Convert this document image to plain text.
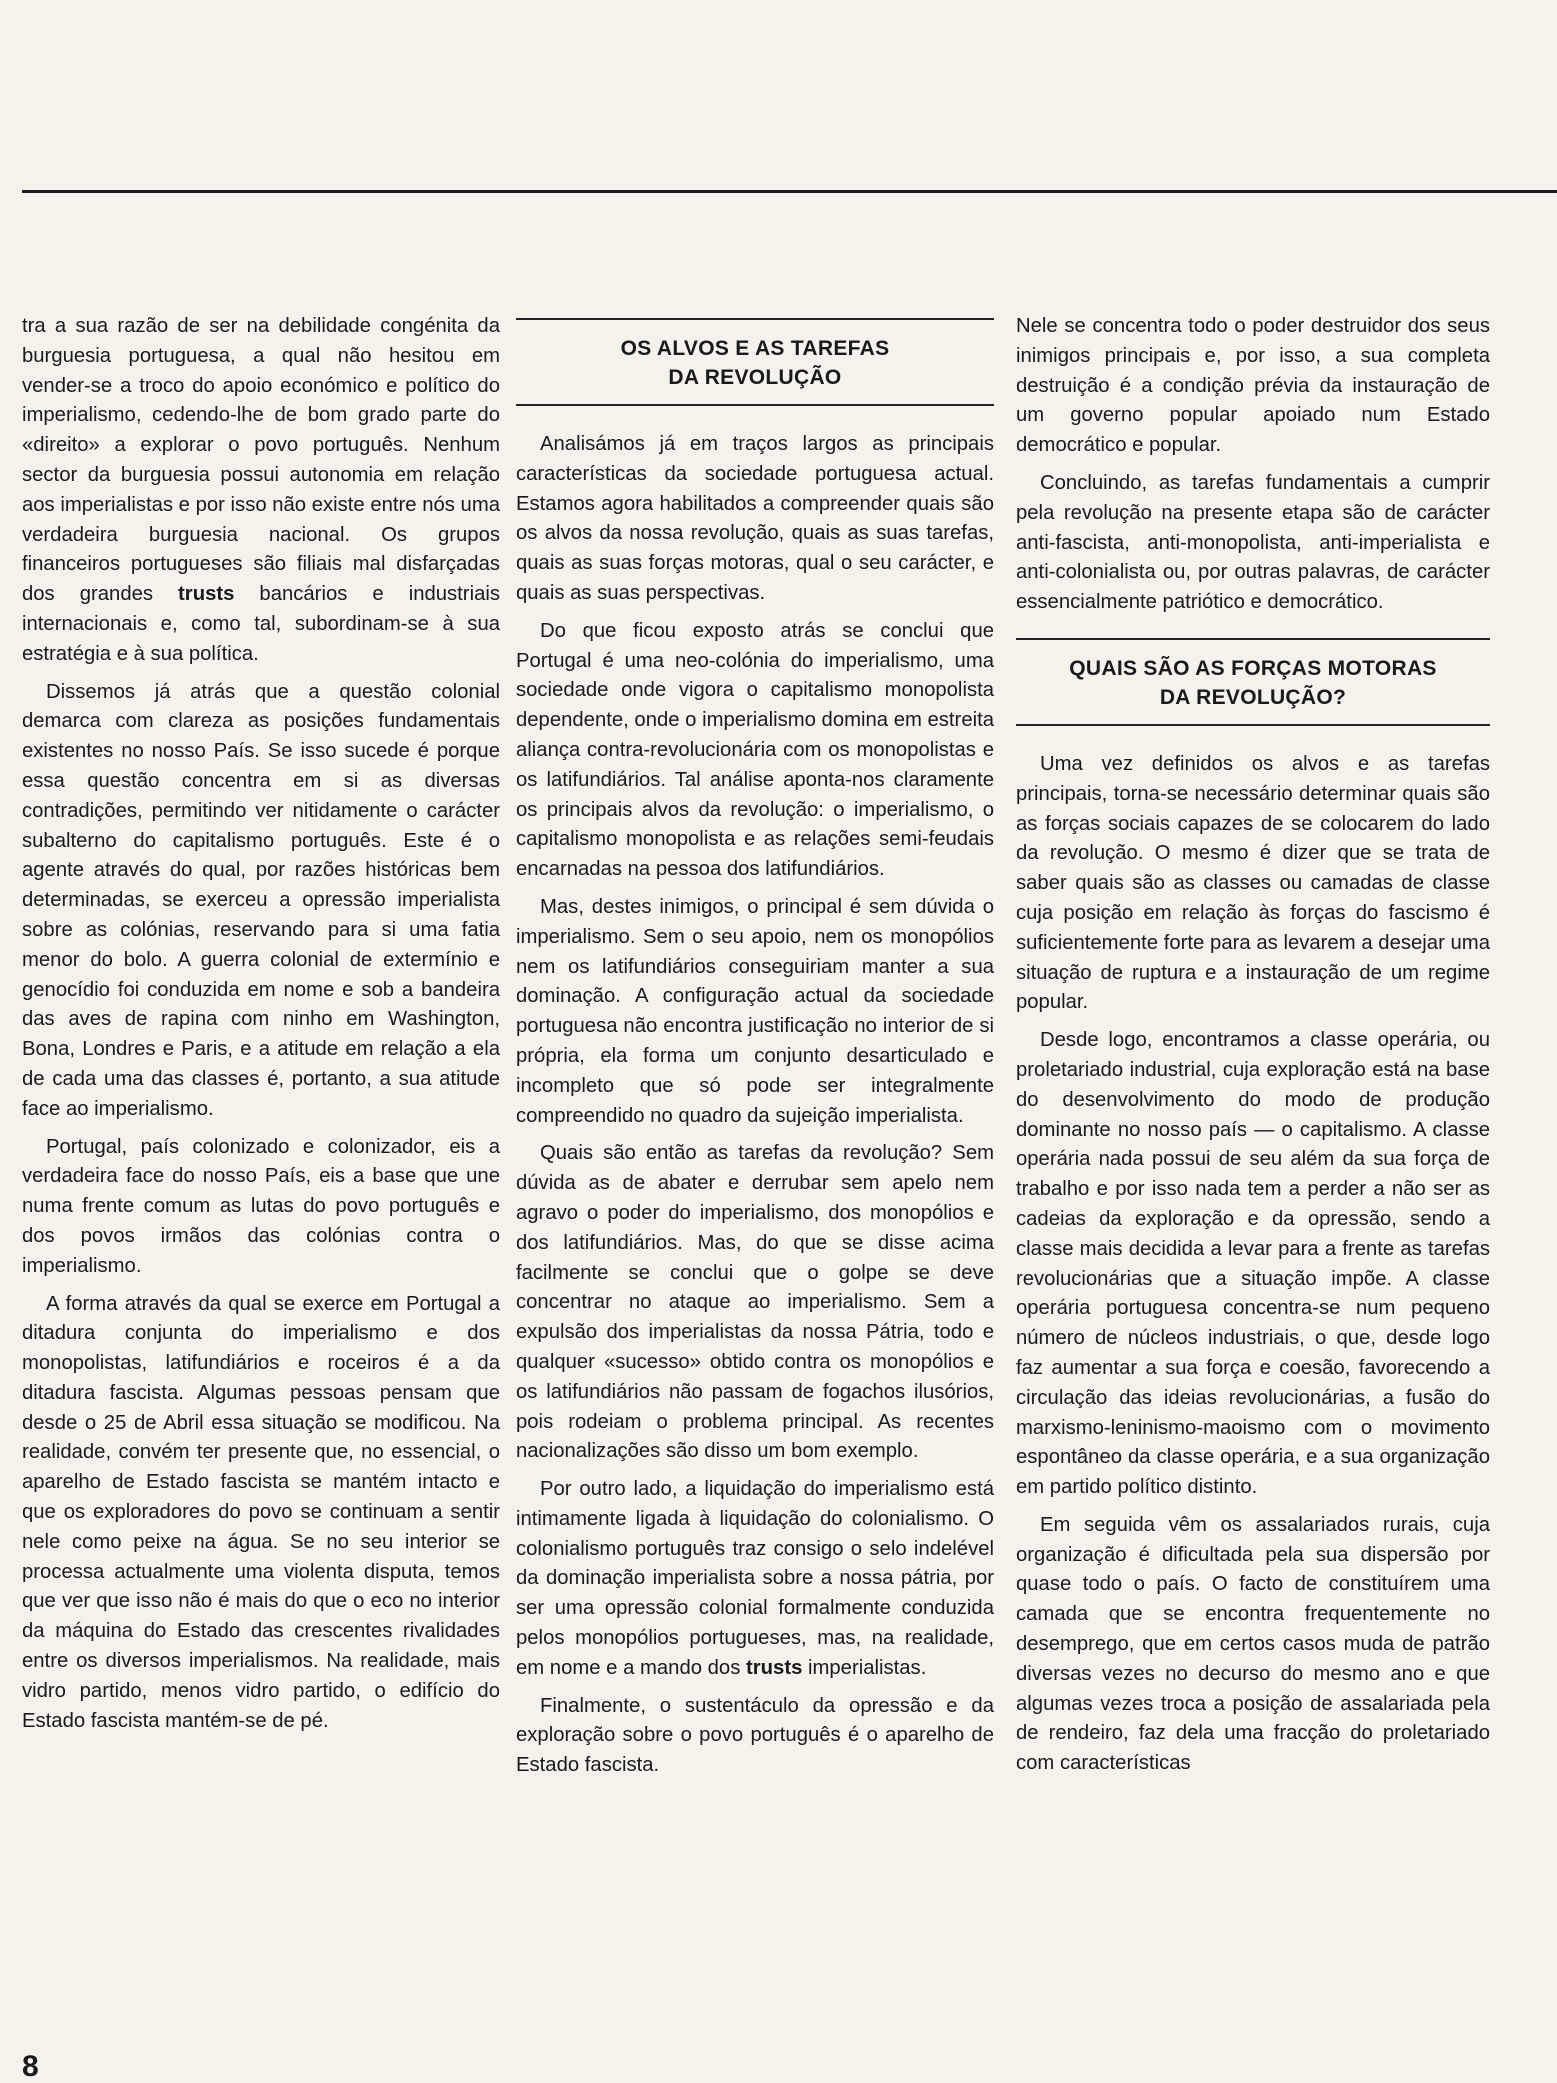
tra a sua razão de ser na debilidade congénita da burguesia portuguesa, a qual não hesitou em vender-se a troco do apoio económico e político do imperialismo, cedendo-lhe de bom grado parte do «direito» a explorar o povo português. Nenhum sector da burguesia possui autonomia em relação aos imperialistas e por isso não existe entre nós uma verdadeira burguesia nacional. Os grupos financeiros portugueses são filiais mal disfarçadas dos grandes trusts bancários e industriais internacionais e, como tal, subordinam-se à sua estratégia e à sua política.

Dissemos já atrás que a questão colonial demarca com clareza as posições fundamentais existentes no nosso País. Se isso sucede é porque essa questão concentra em si as diversas contradições, permitindo ver nitidamente o carácter subalterno do capitalismo português. Este é o agente através do qual, por razões históricas bem determinadas, se exerceu a opressão imperialista sobre as colónias, reservando para si uma fatia menor do bolo. A guerra colonial de extermínio e genocídio foi conduzida em nome e sob a bandeira das aves de rapina com ninho em Washington, Bona, Londres e Paris, e a atitude em relação a ela de cada uma das classes é, portanto, a sua atitude face ao imperialismo.

Portugal, país colonizado e colonizador, eis a verdadeira face do nosso País, eis a base que une numa frente comum as lutas do povo português e dos povos irmãos das colónias contra o imperialismo.

A forma através da qual se exerce em Portugal a ditadura conjunta do imperialismo e dos monopolistas, latifundiários e roceiros é a da ditadura fascista. Algumas pessoas pensam que desde o 25 de Abril essa situação se modificou. Na realidade, convém ter presente que, no essencial, o aparelho de Estado fascista se mantém intacto e que os exploradores do povo se continuam a sentir nele como peixe na água. Se no seu interior se processa actualmente uma violenta disputa, temos que ver que isso não é mais do que o eco no interior da máquina do Estado das crescentes rivalidades entre os diversos imperialismos. Na realidade, mais vidro partido, menos vidro partido, o edifício do Estado fascista mantém-se de pé.

OS ALVOS E AS TAREFAS
DA REVOLUÇÃO

Analisámos já em traços largos as principais características da sociedade portuguesa actual. Estamos agora habilitados a compreender quais são os alvos da nossa revolução, quais as suas tarefas, quais as suas forças motoras, qual o seu carácter, e quais as suas perspectivas.

Do que ficou exposto atrás se conclui que Portugal é uma neo-colónia do imperialismo, uma sociedade onde vigora o capitalismo monopolista dependente, onde o imperialismo domina em estreita aliança contra-revolucionária com os monopolistas e os latifundiários. Tal análise aponta-nos claramente os principais alvos da revolução: o imperialismo, o capitalismo monopolista e as relações semi-feudais encarnadas na pessoa dos latifundiários.

Mas, destes inimigos, o principal é sem dúvida o imperialismo. Sem o seu apoio, nem os monopólios nem os latifundiários conseguiriam manter a sua dominação. A configuração actual da sociedade portuguesa não encontra justificação no interior de si própria, ela forma um conjunto desarticulado e incompleto que só pode ser integralmente compreendido no quadro da sujeição imperialista.

Quais são então as tarefas da revolução? Sem dúvida as de abater e derrubar sem apelo nem agravo o poder do imperialismo, dos monopólios e dos latifundiários. Mas, do que se disse acima facilmente se conclui que o golpe se deve concentrar no ataque ao imperialismo. Sem a expulsão dos imperialistas da nossa Pátria, todo e qualquer «sucesso» obtido contra os monopólios e os latifundiários não passam de fogachos ilusórios, pois rodeiam o problema principal. As recentes nacionalizações são disso um bom exemplo.

Por outro lado, a liquidação do imperialismo está intimamente ligada à liquidação do colonialismo. O colonialismo português traz consigo o selo indelével da dominação imperialista sobre a nossa pátria, por ser uma opressão colonial formalmente conduzida pelos monopólios portugueses, mas, na realidade, em nome e a mando dos trusts imperialistas.

Finalmente, o sustentáculo da opressão e da exploração sobre o povo português é o aparelho de Estado fascista.

Nele se concentra todo o poder destruidor dos seus inimigos principais e, por isso, a sua completa destruição é a condição prévia da instauração de um governo popular apoiado num Estado democrático e popular.

Concluindo, as tarefas fundamentais a cumprir pela revolução na presente etapa são de carácter anti-fascista, anti-monopolista, anti-imperialista e anti-colonialista ou, por outras palavras, de carácter essencialmente patriótico e democrático.

QUAIS SÃO AS FORÇAS MOTORAS
DA REVOLUÇÃO?

Uma vez definidos os alvos e as tarefas principais, torna-se necessário determinar quais são as forças sociais capazes de se colocarem do lado da revolução. O mesmo é dizer que se trata de saber quais são as classes ou camadas de classe cuja posição em relação às forças do fascismo é suficientemente forte para as levarem a desejar uma situação de ruptura e a instauração de um regime popular.

Desde logo, encontramos a classe operária, ou proletariado industrial, cuja exploração está na base do desenvolvimento do modo de produção dominante no nosso país — o capitalismo. A classe operária nada possui de seu além da sua força de trabalho e por isso nada tem a perder a não ser as cadeias da exploração e da opressão, sendo a classe mais decidida a levar para a frente as tarefas revolucionárias que a situação impõe. A classe operária portuguesa concentra-se num pequeno número de núcleos industriais, o que, desde logo faz aumentar a sua força e coesão, favorecendo a circulação das ideias revolucionárias, a fusão do marxismo-leninismo-maoismo com o movimento espontâneo da classe operária, e a sua organização em partido político distinto.

Em seguida vêm os assalariados rurais, cuja organização é dificultada pela sua dispersão por quase todo o país. O facto de constituírem uma camada que se encontra frequentemente no desemprego, que em certos casos muda de patrão diversas vezes no decurso do mesmo ano e que algumas vezes troca a posição de assalariada pela de rendeiro, faz dela uma fracção do proletariado com características

8
